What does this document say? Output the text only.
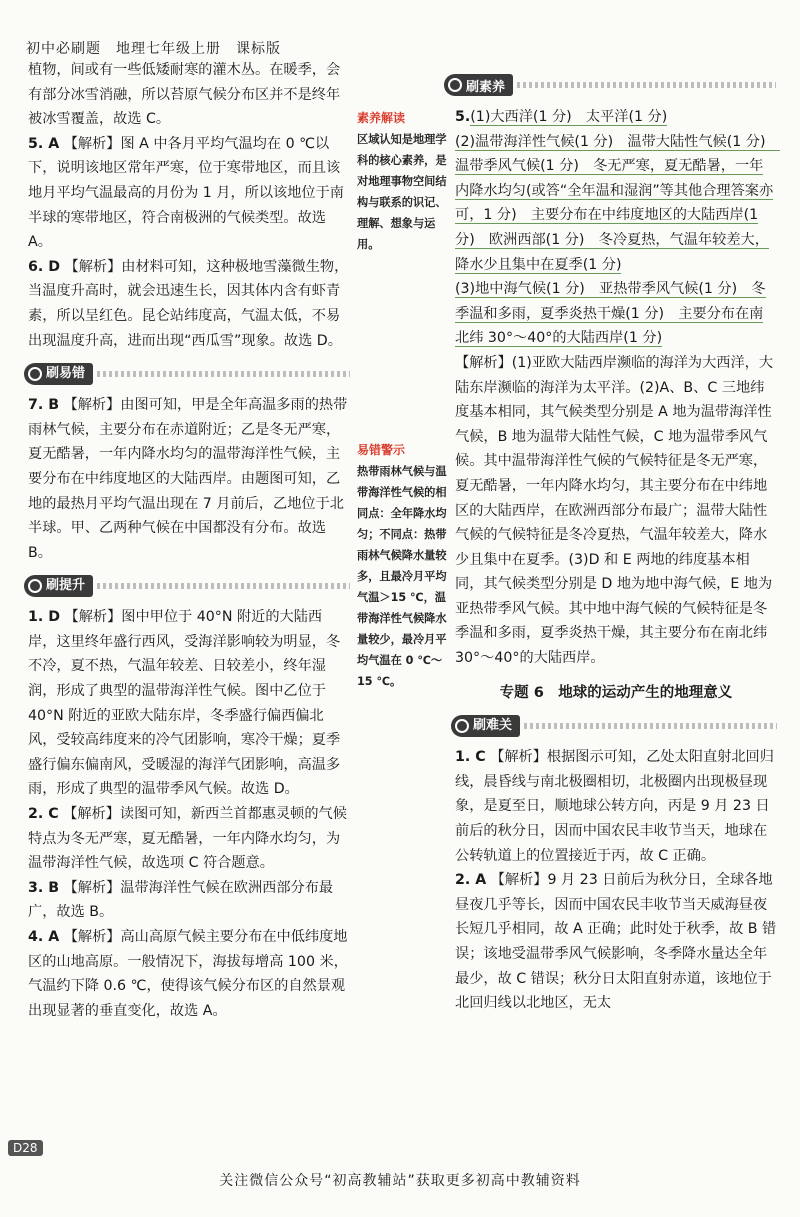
初中必刷题　地理七年级上册　课标版

植物，间或有一些低矮耐寒的灌木丛。在暖季，会有部分冰雪消融，所以苔原气候分布区并不是终年被冰雪覆盖，故选 C。

5. A 【解析】图 A 中各月平均气温均在 0 ℃以下，说明该地区常年严寒，位于寒带地区，而且该地月平均气温最高的月份为 1 月，所以该地位于南半球的寒带地区，符合南极洲的气候类型。故选 A。

6. D 【解析】由材料可知，这种极地雪藻微生物，当温度升高时，就会迅速生长，因其体内含有虾青素，所以呈红色。昆仑站纬度高，气温太低，不易出现温度升高，进而出现“西瓜雪”现象。故选 D。

刷易错

7. B 【解析】由图可知，甲是全年高温多雨的热带雨林气候，主要分布在赤道附近；乙是冬无严寒，夏无酷暑，一年内降水均匀的温带海洋性气候，主要分布在中纬度地区的大陆西岸。由题图可知，乙地的最热月平均气温出现在 7 月前后，乙地位于北半球。甲、乙两种气候在中国都没有分布。故选 B。

刷提升

1. D 【解析】图中甲位于 40°N 附近的大陆西岸，这里终年盛行西风，受海洋影响较为明显，冬不冷，夏不热，气温年较差、日较差小，终年湿润，形成了典型的温带海洋性气候。图中乙位于 40°N 附近的亚欧大陆东岸，冬季盛行偏西偏北风，受较高纬度来的冷气团影响，寒冷干燥；夏季盛行偏东偏南风，受暖湿的海洋气团影响，高温多雨，形成了典型的温带季风气候。故选 D。

2. C 【解析】读图可知，新西兰首都惠灵顿的气候特点为冬无严寒，夏无酷暑，一年内降水均匀，为温带海洋性气候，故选项 C 符合题意。

3. B 【解析】温带海洋性气候在欧洲西部分布最广，故选 B。

4. A 【解析】高山高原气候主要分布在中低纬度地区的山地高原。一般情况下，海拔每增高 100 米，气温约下降 0.6 ℃，使得该气候分布区的自然景观出现显著的垂直变化，故选 A。

素养解读
区域认知是地理学科的核心素养，是对地理事物空间结构与联系的识记、理解、想象与运用。
易错警示
热带雨林气候与温带海洋性气候的相同点：全年降水均匀；不同点：热带雨林气候降水量较多，且最冷月平均气温＞15 ℃，温带海洋性气候降水量较少，最冷月平均气温在 0 ℃～15 ℃。
刷素养

5.(1)大西洋(1 分)　太平洋(1 分)
(2)温带海洋性气候(1 分)　温带大陆性气候(1 分)　温带季风气候(1 分)　冬无严寒，夏无酷暑，一年内降水均匀(或答“全年温和湿润”等其他合理答案亦可，1 分)　主要分布在中纬度地区的大陆西岸(1 分)　欧洲西部(1 分)　冬冷夏热，气温年较差大，降水少且集中在夏季(1 分)
(3)地中海气候(1 分)　亚热带季风气候(1 分)　冬季温和多雨，夏季炎热干燥(1 分)　主要分布在南北纬 30°～40°的大陆西岸(1 分)

【解析】(1)亚欧大陆西岸濒临的海洋为大西洋，大陆东岸濒临的海洋为太平洋。(2)A、B、C 三地纬度基本相同，其气候类型分别是 A 地为温带海洋性气候，B 地为温带大陆性气候，C 地为温带季风气候。其中温带海洋性气候的气候特征是冬无严寒，夏无酷暑，一年内降水均匀，其主要分布在中纬地区的大陆西岸，在欧洲西部分布最广；温带大陆性气候的气候特征是冬冷夏热，气温年较差大，降水少且集中在夏季。(3)D 和 E 两地的纬度基本相同，其气候类型分别是 D 地为地中海气候，E 地为亚热带季风气候。其中地中海气候的气候特征是冬季温和多雨，夏季炎热干燥，其主要分布在南北纬 30°～40°的大陆西岸。

专题 6　地球的运动产生的地理意义
刷难关

1. C 【解析】根据图示可知，乙处太阳直射北回归线，晨昏线与南北极圈相切，北极圈内出现极昼现象，是夏至日，顺地球公转方向，丙是 9 月 23 日前后的秋分日，因而中国农民丰收节当天，地球在公转轨道上的位置接近于丙，故 C 正确。

2. A 【解析】9 月 23 日前后为秋分日，全球各地昼夜几乎等长，因而中国农民丰收节当天威海昼夜长短几乎相同，故 A 正确；此时处于秋季，故 B 错误；该地受温带季风气候影响，冬季降水量达全年最少，故 C 错误；秋分日太阳直射赤道，该地位于北回归线以北地区，无太

D28
关注微信公众号“初高教辅站”获取更多初高中教辅资料
